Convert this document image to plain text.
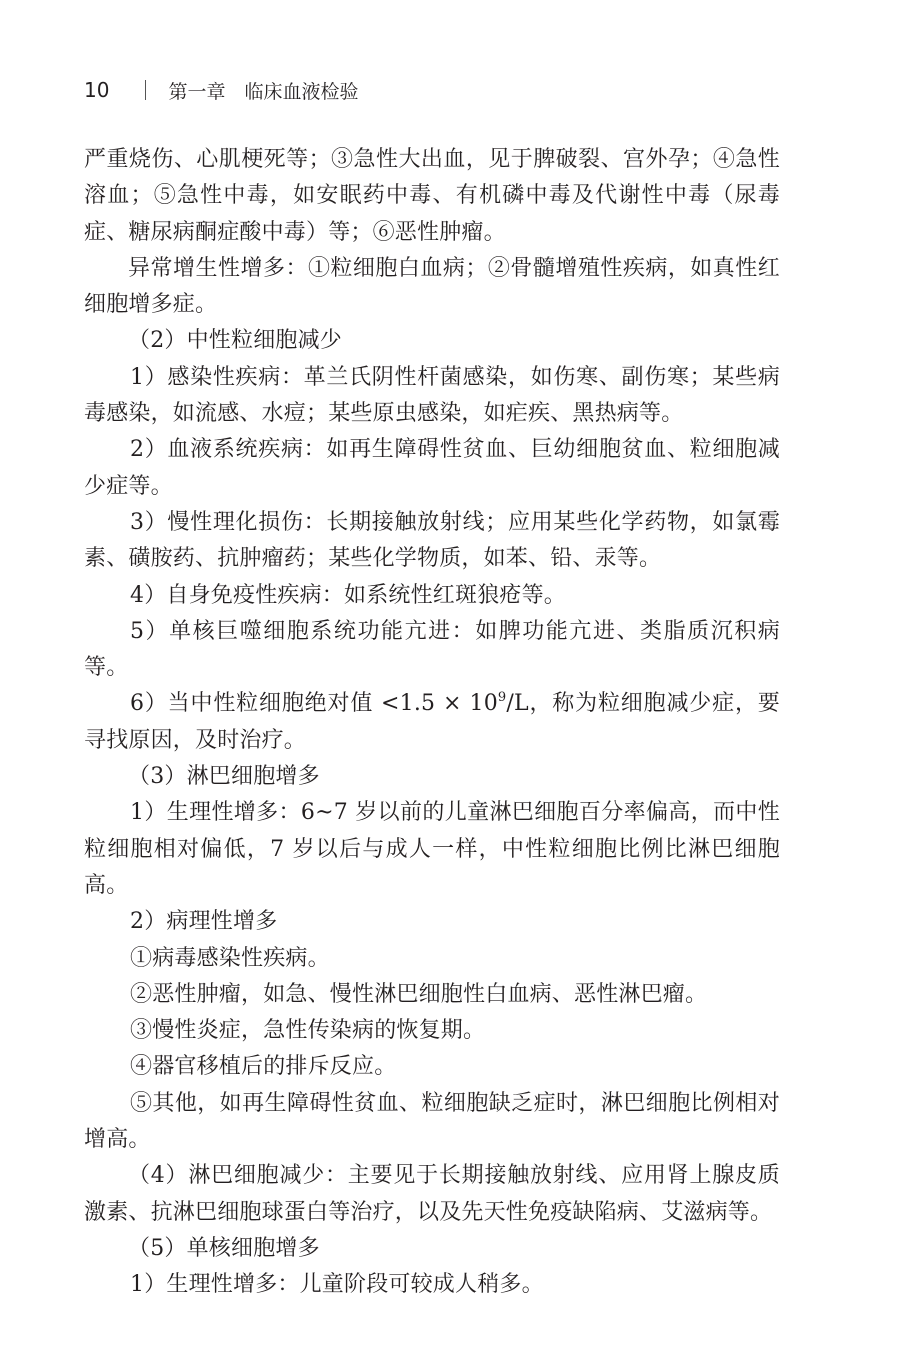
10	第一章　临床血液检验

严重烧伤、心肌梗死等；③急性大出血，见于脾破裂、宫外孕；④急性溶血；⑤急性中毒，如安眠药中毒、有机磷中毒及代谢性中毒（尿毒症、糖尿病酮症酸中毒）等；⑥恶性肿瘤。

异常增生性增多：①粒细胞白血病；②骨髓增殖性疾病，如真性红细胞增多症。

（2）中性粒细胞减少

1）感染性疾病：革兰氏阴性杆菌感染，如伤寒、副伤寒；某些病毒感染，如流感、水痘；某些原虫感染，如疟疾、黑热病等。

2）血液系统疾病：如再生障碍性贫血、巨幼细胞贫血、粒细胞减少症等。

3）慢性理化损伤：长期接触放射线；应用某些化学药物，如氯霉素、磺胺药、抗肿瘤药；某些化学物质，如苯、铅、汞等。

4）自身免疫性疾病：如系统性红斑狼疮等。

5）单核巨噬细胞系统功能亢进：如脾功能亢进、类脂质沉积病等。

6）当中性粒细胞绝对值 $<1.5 \times 10^9/L$，称为粒细胞减少症，要寻找原因，及时治疗。

（3）淋巴细胞增多

1）生理性增多：6~7 岁以前的儿童淋巴细胞百分率偏高，而中性粒细胞相对偏低，7 岁以后与成人一样，中性粒细胞比例比淋巴细胞高。

2）病理性增多

①病毒感染性疾病。

②恶性肿瘤，如急、慢性淋巴细胞性白血病、恶性淋巴瘤。

③慢性炎症，急性传染病的恢复期。

④器官移植后的排斥反应。

⑤其他，如再生障碍性贫血、粒细胞缺乏症时，淋巴细胞比例相对增高。

（4）淋巴细胞减少：主要见于长期接触放射线、应用肾上腺皮质激素、抗淋巴细胞球蛋白等治疗，以及先天性免疫缺陷病、艾滋病等。

（5）单核细胞增多

1）生理性增多：儿童阶段可较成人稍多。
